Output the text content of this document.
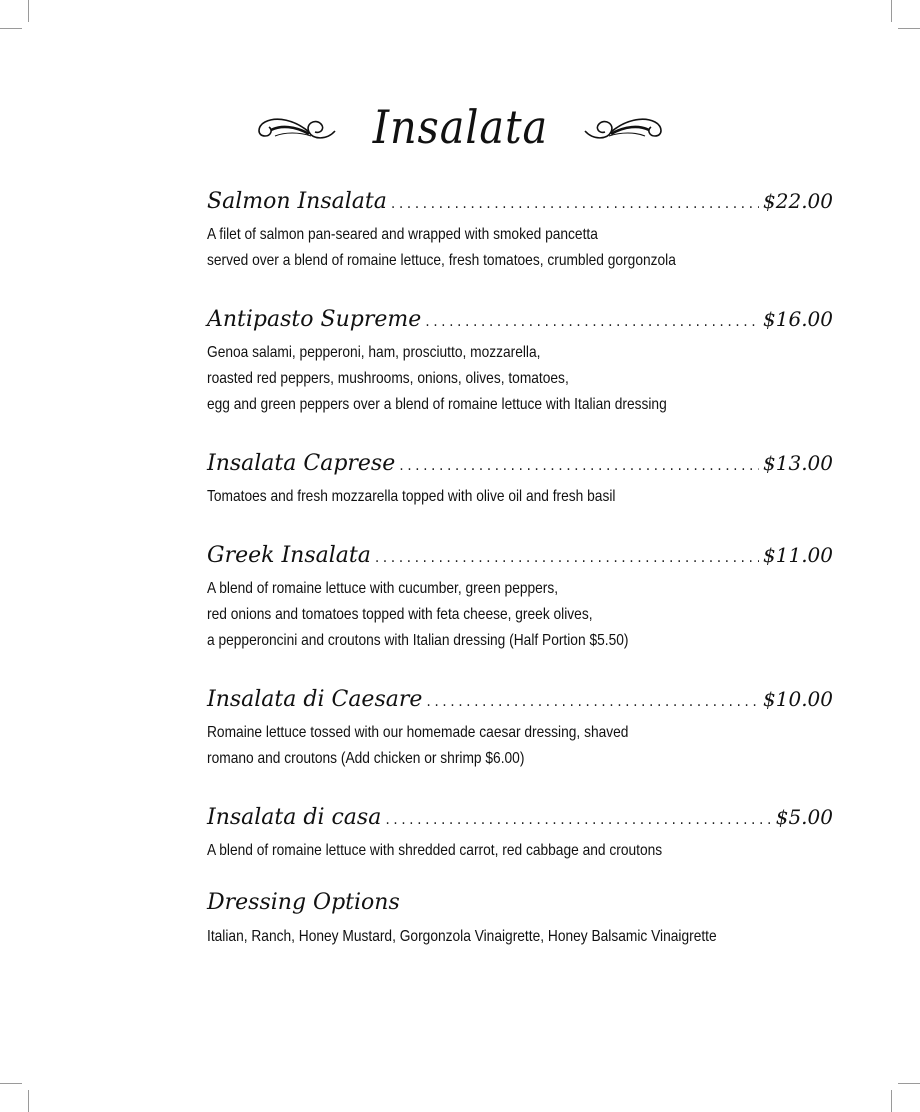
Insalata
Salmon Insalata .....	$22.00
A filet of salmon pan-seared and wrapped with smoked pancetta
served over a blend of romaine lettuce, fresh tomatoes, crumbled gorgonzola
Antipasto Supreme .....	$16.00
Genoa salami, pepperoni, ham, prosciutto, mozzarella,
roasted red peppers, mushrooms, onions, olives, tomatoes,
egg and green peppers over a blend of romaine lettuce with Italian dressing
Insalata Caprese .....	$13.00
Tomatoes and fresh mozzarella topped with olive oil and fresh basil
Greek Insalata .....	$11.00
A blend of romaine lettuce with cucumber, green peppers,
red onions and tomatoes topped with feta cheese, greek olives,
a pepperoncini and croutons with Italian dressing (Half Portion $5.50)
Insalata di Caesare .....	$10.00
Romaine lettuce tossed with our homemade caesar dressing, shaved
romano and croutons (Add chicken or shrimp $6.00)
Insalata di casa .....	$5.00
A blend of romaine lettuce with shredded carrot, red cabbage and croutons
Dressing Options
Italian, Ranch, Honey Mustard, Gorgonzola Vinaigrette, Honey Balsamic Vinaigrette
